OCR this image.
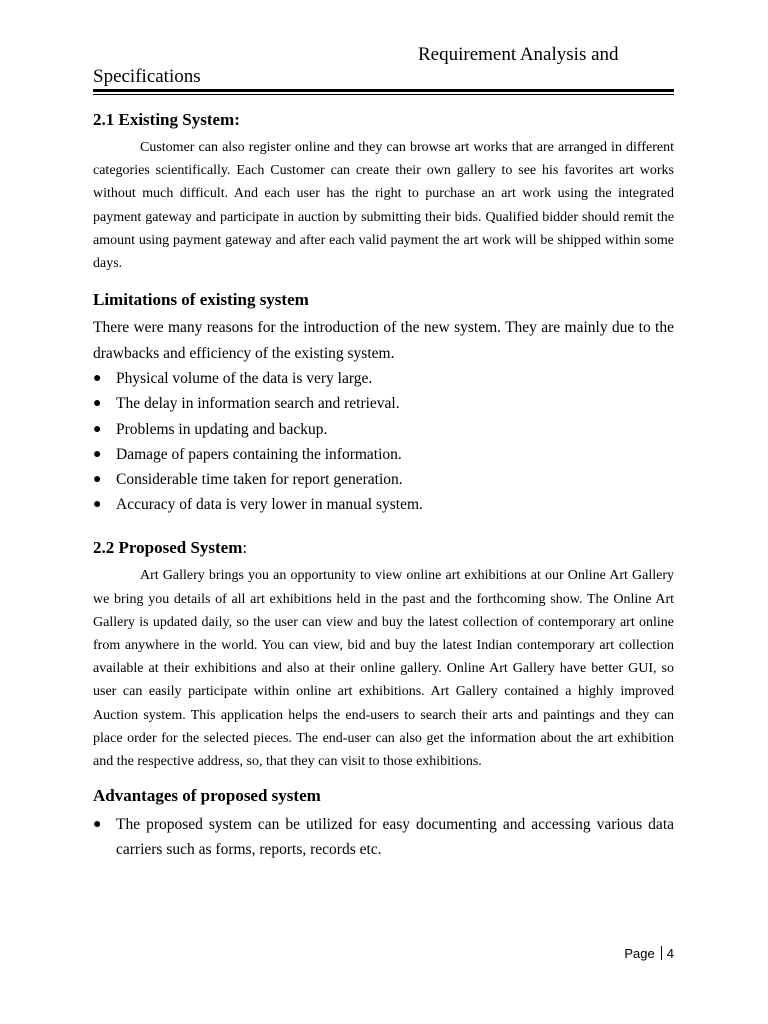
Requirement Analysis and
Specifications
2.1 Existing System:

Customer can also register online and they can browse art works that are arranged in different categories scientifically. Each Customer can create their own gallery to see his favorites art works without much difficult. And each user has the right to purchase an art work using the integrated payment gateway and participate in auction by submitting their bids. Qualified bidder should remit the amount using payment gateway and after each valid payment the art work will be shipped within some days.

Limitations of existing system

There were many reasons for the introduction of the new system. They are mainly due to the drawbacks and efficiency of the existing system.

● Physical volume of the data is very large.
● The delay in information search and retrieval.
● Problems in updating and backup.
● Damage of papers containing the information.
● Considerable time taken for report generation.
● Accuracy of data is very lower in manual system.
2.2 Proposed System:

Art Gallery brings you an opportunity to view online art exhibitions at our Online Art Gallery we bring you details of all art exhibitions held in the past and the forthcoming show. The Online Art Gallery is updated daily, so the user can view and buy the latest collection of contemporary art online from anywhere in the world. You can view, bid and buy the latest Indian contemporary art collection available at their exhibitions and also at their online gallery. Online Art Gallery have better GUI, so user can easily participate within online art exhibitions. Art Gallery contained a highly improved Auction system. This application helps the end-users to search their arts and paintings and they can place order for the selected pieces. The end-user can also get the information about the art exhibition and the respective address, so, that they can visit to those exhibitions.

Advantages of proposed system
● The proposed system can be utilized for easy documenting and accessing various data carriers such as forms, reports, records etc.
Page 4
